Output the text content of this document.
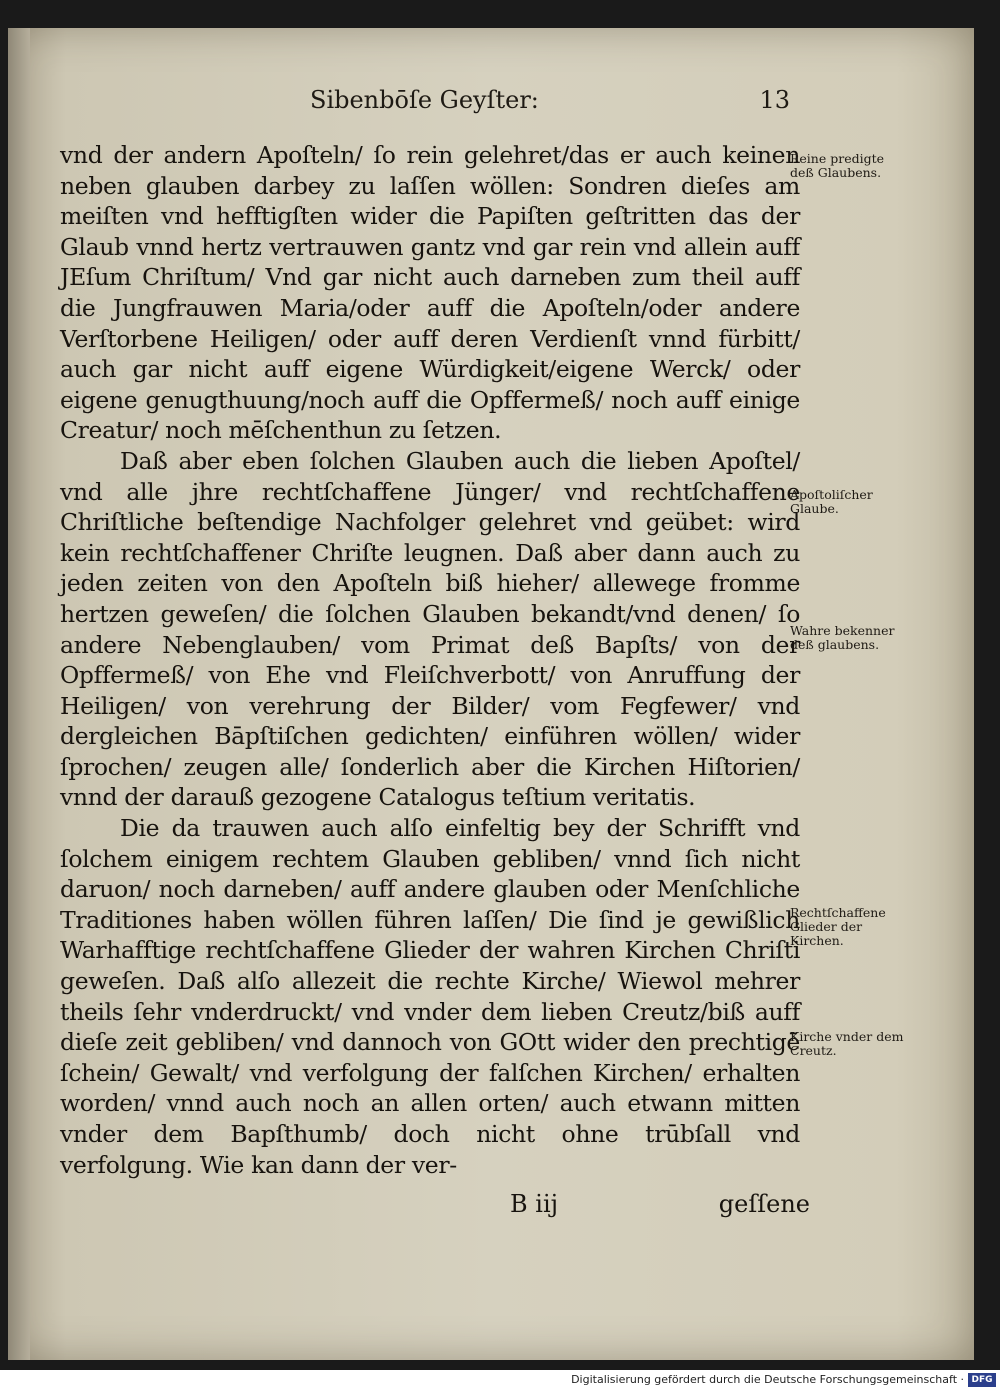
Sibenbōſe Geyſter:	13

vnd der andern Apoſteln/ ſo rein gelehret/das er auch keinen neben glauben darbey zu laſſen wöllen: Sondren dieſes am meiſten vnd hefftigſten wider die Papiſten geſtritten das der Glaub vnnd hertz vertrauwen gantz vnd gar rein vnd allein auff JEſum Chriſtum/ Vnd gar nicht auch darneben zum theil auff die Jungfrauwen Maria/oder auff die Apoſteln/oder andere Verſtorbene Heiligen/ oder auff deren Verdienſt vnnd fürbitt/ auch gar nicht auff eigene Würdigkeit/eigene Werck/ oder eigene genugthuung/noch auff die Opffermeß/ noch auff einige Creatur/ noch mēſchenthun zu ſetzen.

Daß aber eben ſolchen Glauben auch die lieben Apoſtel/ vnd alle jhre rechtſchaffene Jünger/ vnd rechtſchaffene Chriſtliche beſtendige Nachfolger gelehret vnd geübet: wird kein rechtſchaffener Chriſte leugnen. Daß aber dann auch zu jeden zeiten von den Apoſteln biß hieher/ allewege fromme hertzen geweſen/ die ſolchen Glauben bekandt/vnd denen/ ſo andere Nebenglauben/ vom Primat deß Bapſts/ von der Opffermeß/ von Ehe vnd Fleiſchverbott/ von Anruffung der Heiligen/ von verehrung der Bilder/ vom Fegfewer/ vnd dergleichen Bāpſtiſchen gedichten/ einführen wöllen/ wider ſprochen/ zeugen alle/ ſonderlich aber die Kirchen Hiſtorien/ vnnd der darauß gezogene Catalogus teſtium veritatis.

Die da trauwen auch alſo einfeltig bey der Schrifft vnd ſolchem einigem rechtem Glauben gebliben/ vnnd ſich nicht daruon/ noch darneben/ auff andere glauben oder Menſchliche Traditiones haben wöllen führen laſſen/ Die ſind je gewißlich Warhafftige rechtſchaffene Glieder der wahren Kirchen Chriſti geweſen. Daß alſo allezeit die rechte Kirche/ Wiewol mehrer theils ſehr vnderdruckt/ vnd vnder dem lieben Creutz/biß auff dieſe zeit gebliben/ vnd dannoch von GOtt wider den prechtigē ſchein/ Gewalt/ vnd verfolgung der falſchen Kirchen/ erhalten worden/ vnnd auch noch an allen orten/ auch etwann mitten vnder dem Bapſthumb/ doch nicht ohne trūbſall vnd verfolgung. Wie kan dann der ver-

Reine predigte deß Glaubens.
Apoſtoliſcher Glaube.
Wahre bekenner deß glaubens.
Rechtſchaffene Glieder der Kirchen.
Kirche vnder dem Creutz.
B iij	geſſene
Digitalisierung gefördert durch die Deutsche Forschungsgemeinschaft · DFG
